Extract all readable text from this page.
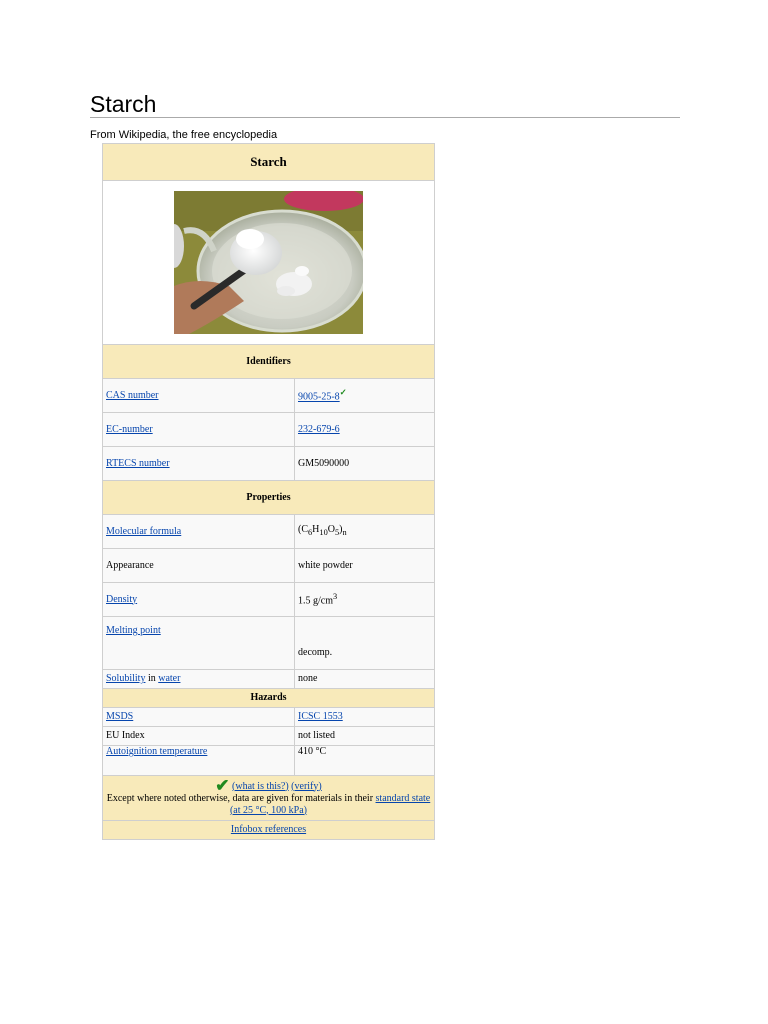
Starch
From Wikipedia, the free encyclopedia
Starch	

Identifiers	
CAS number	9005-25-8✓
EC-number	232-679-6
RTECS number	GM5090000
Properties	
Molecular formula	$(C_6H_{10}O_5)_n$
Appearance	white powder
Density	1.5 $g/cm^3$
Melting point	decomp.
Solubility in water	none
Hazards	
MSDS	ICSC 1553
EU Index	not listed
Autoignition temperature	410 °C
✔ (what is this?) (verify)
Except where noted otherwise, data are given for materials in their standard state (at 25 °C, 100 kPa)	
Infobox references	
